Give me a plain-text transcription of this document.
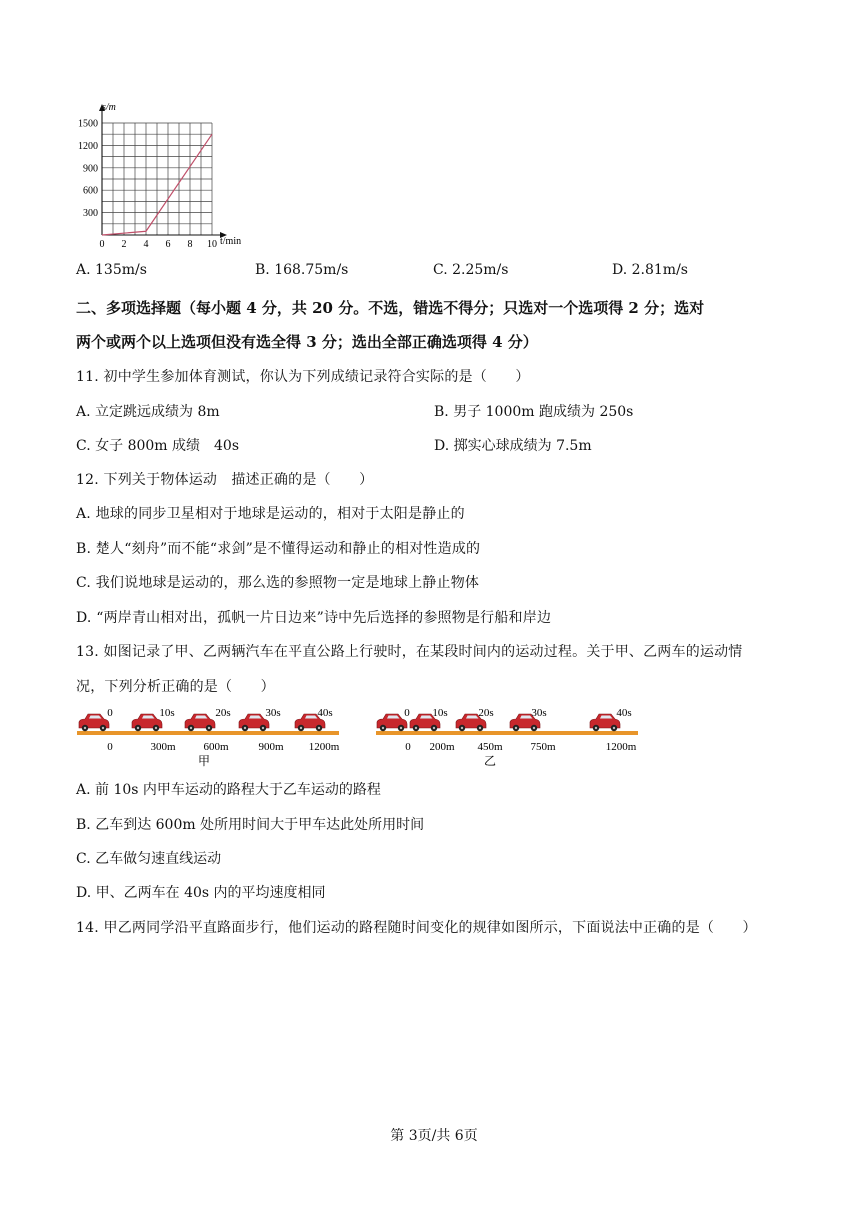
s/m
t/min
1500
1200
900
600
300
0 2 4 6 8 10
A. 135m/s	B. 168.75m/s	C. 2.25m/s	D. 2.81m/s
二、多项选择题（每小题 4 分，共 20 分。不选，错选不得分；只选对一个选项得 2 分；选对
两个或两个以上选项但没有选全得 3 分；选出全部正确选项得 4 分）
11. 初中学生参加体育测试，你认为下列成绩记录符合实际的是（　　）
A. 立定跳远成绩为 8m	B. 男子 1000m 跑成绩为 250s
C. 女子 800m 成绩　40s	D. 掷实心球成绩为 7.5m
12. 下列关于物体运动　描述正确的是（　　）
A. 地球的同步卫星相对于地球是运动的，相对于太阳是静止的
B. 楚人“刻舟”而不能“求剑”是不懂得运动和静止的相对性造成的
C. 我们说地球是运动的，那么选的参照物一定是地球上静止物体
D. “两岸青山相对出，孤帆一片日边来”诗中先后选择的参照物是行船和岸边
13. 如图记录了甲、乙两辆汽车在平直公路上行驶时，在某段时间内的运动过程。关于甲、乙两车的运动情
况，下列分析正确的是（　　）
0	10s	20s	30s	40s
0	300m	600m	900m 1200m
甲
0 10s	20s	30s	40s
0 200m 450m	750m	1200m
乙
A. 前 10s 内甲车运动的路程大于乙车运动的路程
B. 乙车到达 600m 处所用时间大于甲车达此处所用时间
C. 乙车做匀速直线运动
D. 甲、乙两车在 40s 内的平均速度相同
14. 甲乙两同学沿平直路面步行，他们运动的路程随时间变化的规律如图所示，下面说法中正确的是（　　）
第 3页/共 6页
